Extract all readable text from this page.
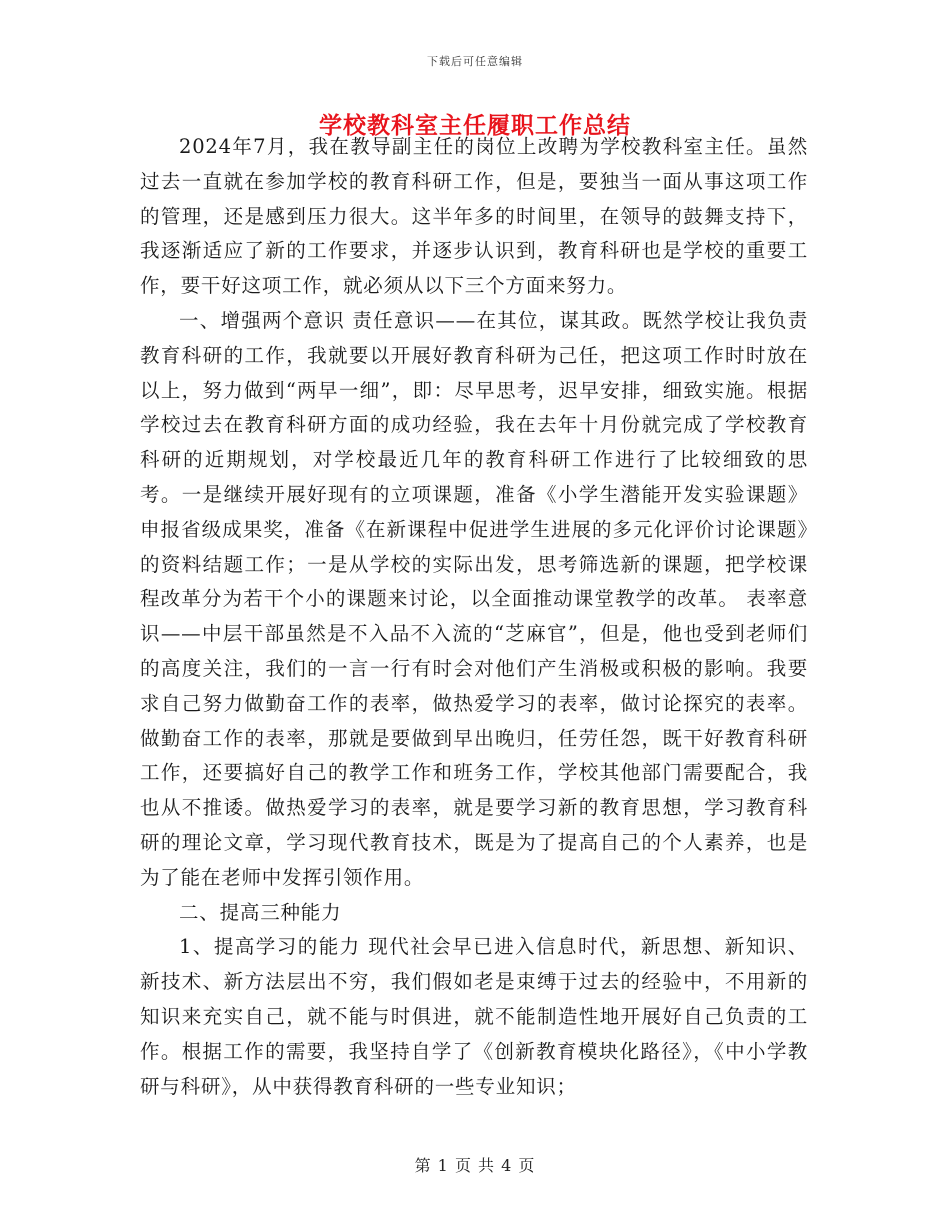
下载后可任意编辑
学校教科室主任履职工作总结

2024年7月，我在教导副主任的岗位上改聘为学校教科室主任。虽然过去一直就在参加学校的教育科研工作，但是，要独当一面从事这项工作的管理，还是感到压力很大。这半年多的时间里，在领导的鼓舞支持下，我逐渐适应了新的工作要求，并逐步认识到，教育科研也是学校的重要工作，要干好这项工作，就必须从以下三个方面来努力。

一、增强两个意识 责任意识——在其位，谋其政。既然学校让我负责教育科研的工作，我就要以开展好教育科研为己任，把这项工作时时放在以上，努力做到“两早一细”，即：尽早思考，迟早安排，细致实施。根据学校过去在教育科研方面的成功经验，我在去年十月份就完成了学校教育科研的近期规划，对学校最近几年的教育科研工作进行了比较细致的思考。一是继续开展好现有的立项课题，准备《小学生潜能开发实验课题》申报省级成果奖，准备《在新课程中促进学生进展的多元化评价讨论课题》的资料结题工作；一是从学校的实际出发，思考筛选新的课题，把学校课程改革分为若干个小的课题来讨论，以全面推动课堂教学的改革。 表率意识——中层干部虽然是不入品不入流的“芝麻官”，但是，他也受到老师们的高度关注，我们的一言一行有时会对他们产生消极或积极的影响。我要求自己努力做勤奋工作的表率，做热爱学习的表率，做讨论探究的表率。做勤奋工作的表率，那就是要做到早出晚归，任劳任怨，既干好教育科研工作，还要搞好自己的教学工作和班务工作，学校其他部门需要配合，我也从不推诿。做热爱学习的表率，就是要学习新的教育思想，学习教育科研的理论文章，学习现代教育技术，既是为了提高自己的个人素养，也是为了能在老师中发挥引领作用。

二、提高三种能力

1、提高学习的能力 现代社会早已进入信息时代，新思想、新知识、新技术、新方法层出不穷，我们假如老是束缚于过去的经验中，不用新的知识来充实自己，就不能与时俱进，就不能制造性地开展好自己负责的工作。根据工作的需要，我坚持自学了《创新教育模块化路径》，《中小学教研与科研》，从中获得教育科研的一些专业知识；

第 1 页 共 4 页
